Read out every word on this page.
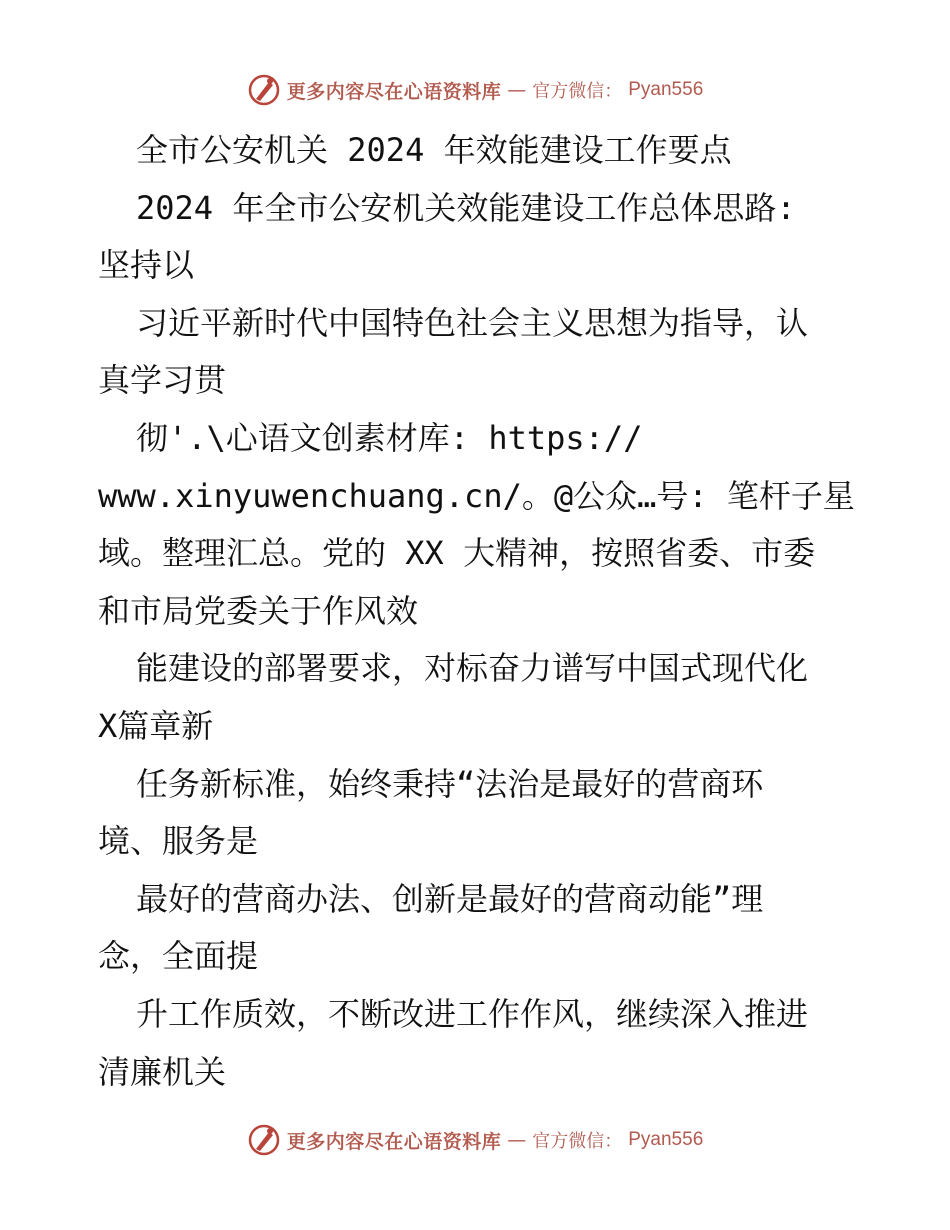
更多内容尽在心语资料库 — 官方微信： Pyan556
全市公安机关 2024 年效能建设工作要点
2024 年全市公安机关效能建设工作总体思路:
坚持以
习近平新时代中国特色社会主义思想为指导，认
真学习贯
彻'.\心语文创素材库: https://
www.xinyuwenchuang.cn/。@公众…号: 笔杆子星
域。整理汇总。党的 XX 大精神，按照省委、市委
和市局党委关于作风效
能建设的部署要求，对标奋力谱写中国式现代化
X篇章新
任务新标准，始终秉持“法治是最好的营商环
境、服务是
最好的营商办法、创新是最好的营商动能”理
念，全面提
升工作质效，不断改进工作作风，继续深入推进
清廉机关
更多内容尽在心语资料库 — 官方微信： Pyan556
